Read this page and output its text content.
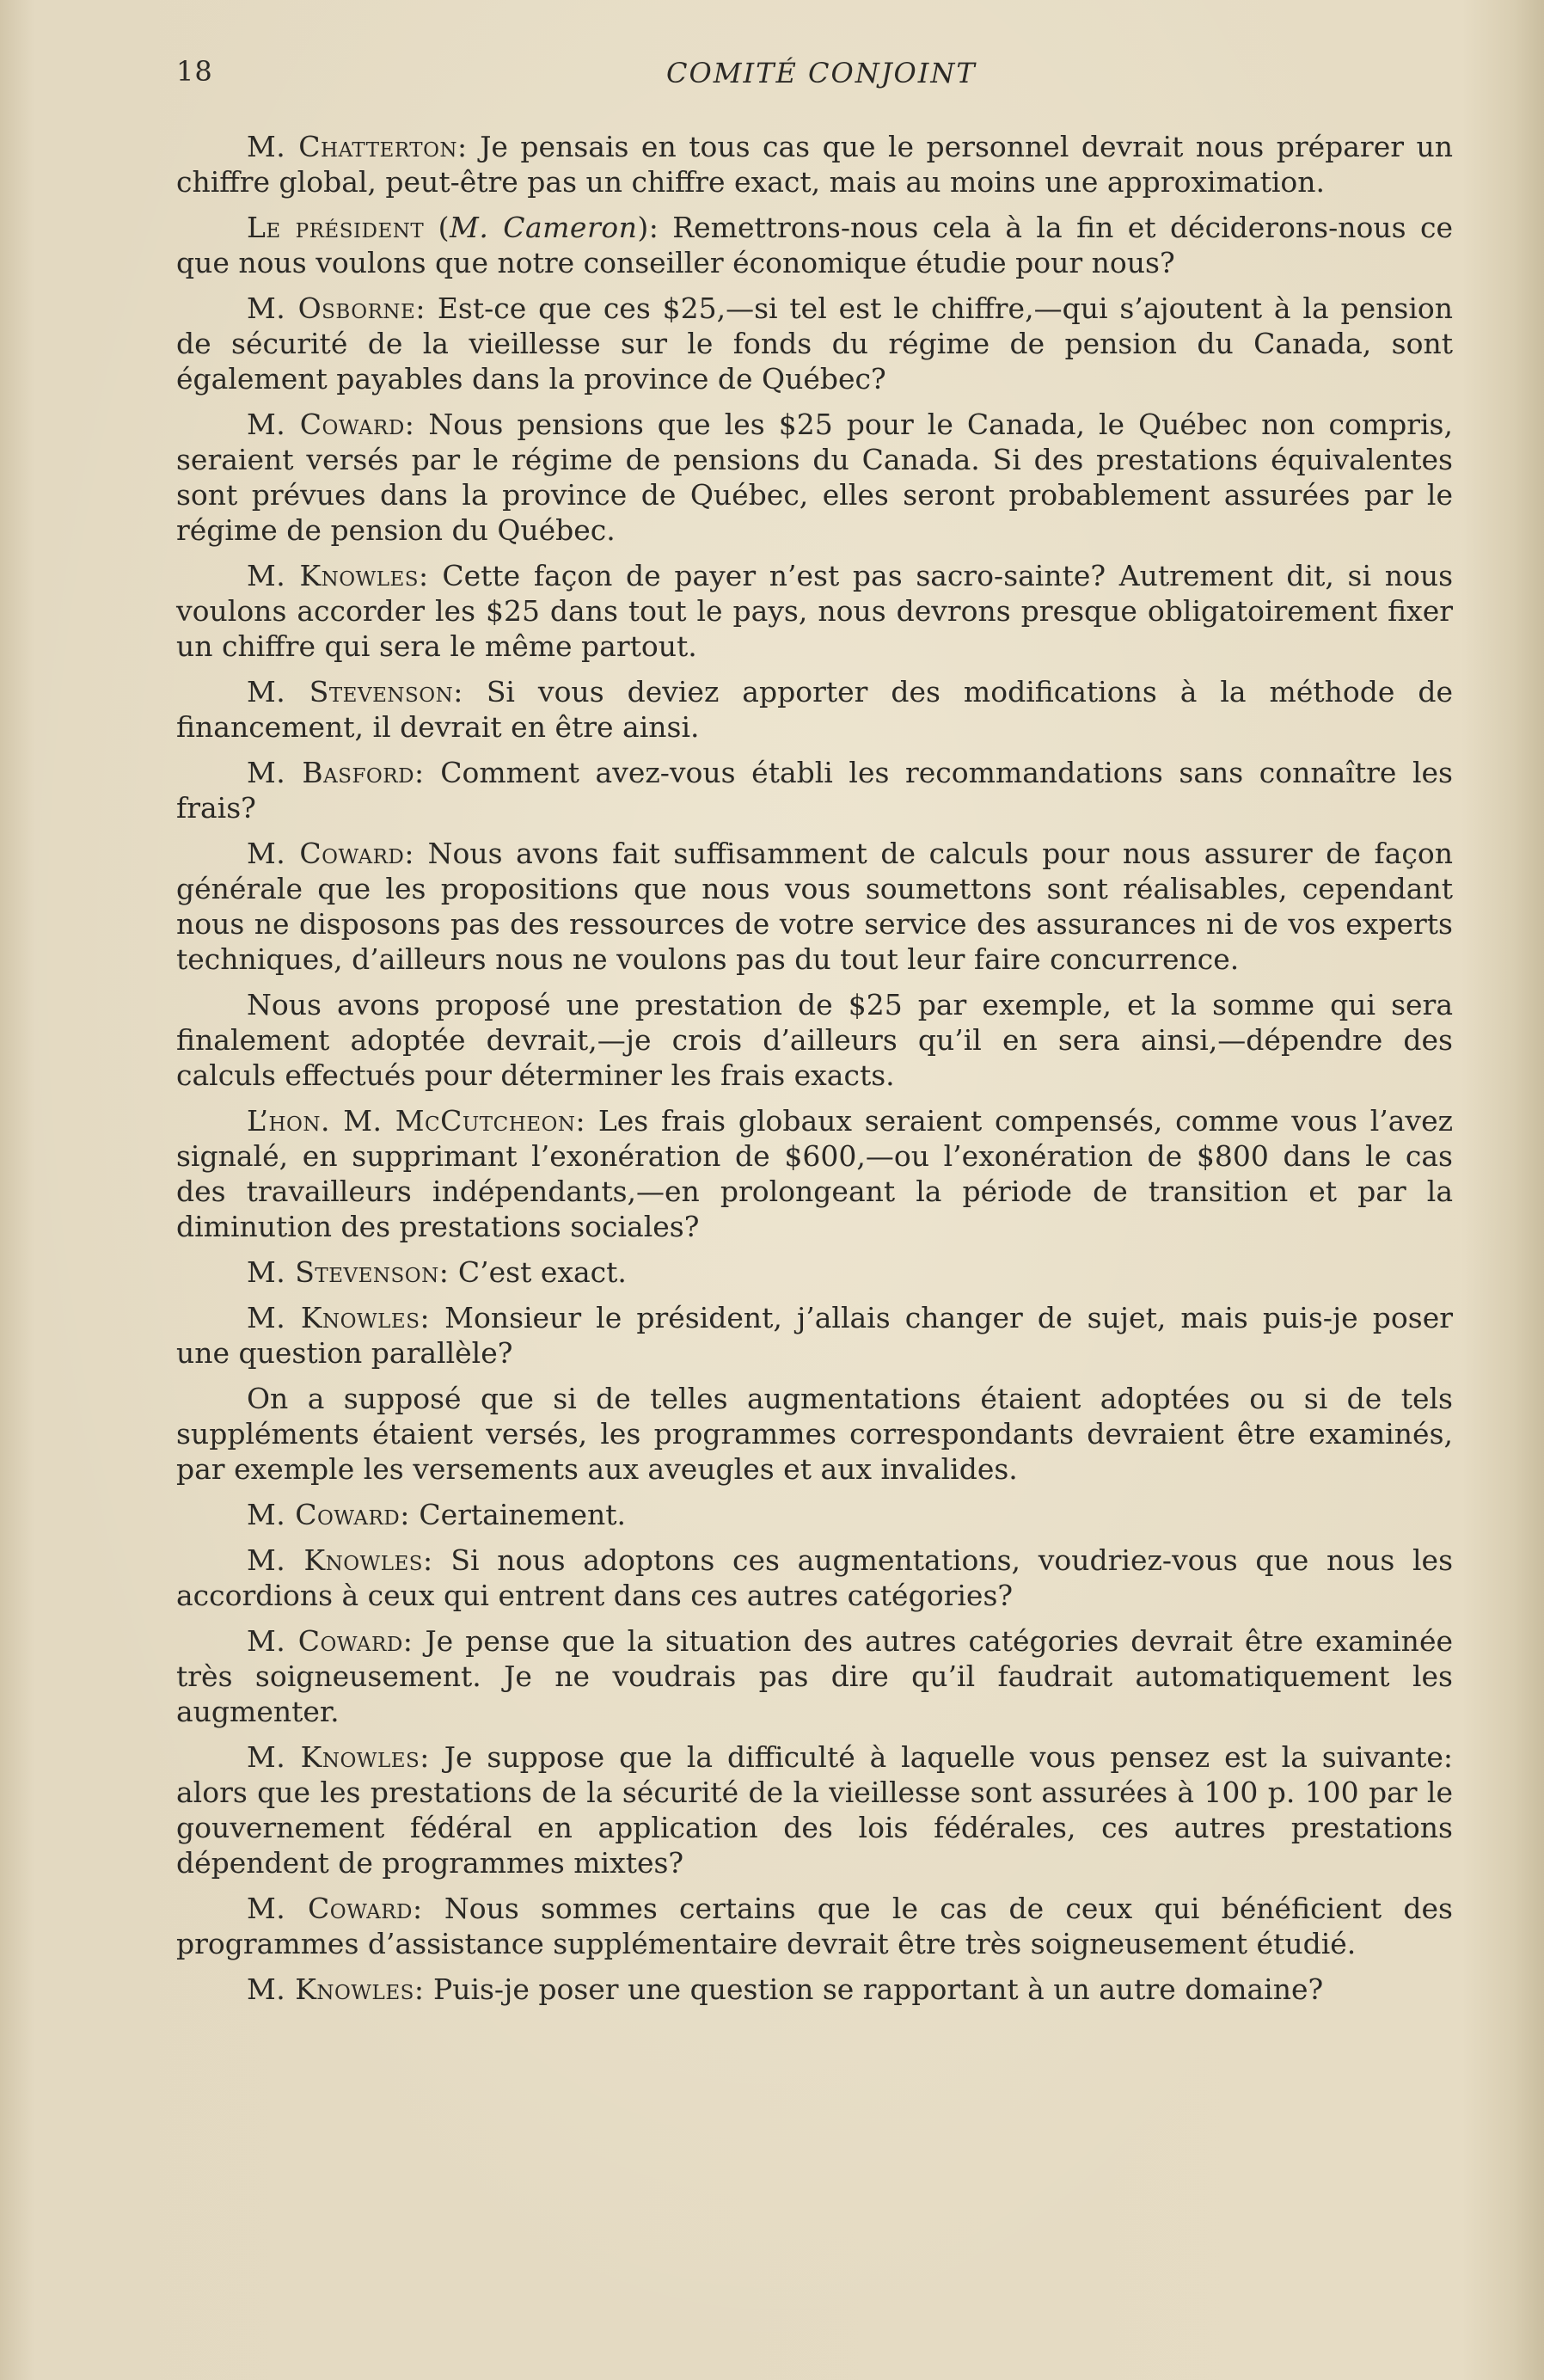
18	COMITÉ CONJOINT

M. Chatterton: Je pensais en tous cas que le personnel devrait nous préparer un chiffre global, peut-être pas un chiffre exact, mais au moins une approximation.

Le président (M. Cameron): Remettrons-nous cela à la fin et déciderons-nous ce que nous voulons que notre conseiller économique étudie pour nous?

M. Osborne: Est-ce que ces $25,—si tel est le chiffre,—qui s’ajoutent à la pension de sécurité de la vieillesse sur le fonds du régime de pension du Canada, sont également payables dans la province de Québec?

M. Coward: Nous pensions que les $25 pour le Canada, le Québec non compris, seraient versés par le régime de pensions du Canada. Si des prestations équivalentes sont prévues dans la province de Québec, elles seront probablement assurées par le régime de pension du Québec.

M. Knowles: Cette façon de payer n’est pas sacro-sainte? Autrement dit, si nous voulons accorder les $25 dans tout le pays, nous devrons presque obligatoirement fixer un chiffre qui sera le même partout.

M. Stevenson: Si vous deviez apporter des modifications à la méthode de financement, il devrait en être ainsi.

M. Basford: Comment avez-vous établi les recommandations sans connaître les frais?

M. Coward: Nous avons fait suffisamment de calculs pour nous assurer de façon générale que les propositions que nous vous soumettons sont réalisables, cependant nous ne disposons pas des ressources de votre service des assurances ni de vos experts techniques, d’ailleurs nous ne voulons pas du tout leur faire concurrence.

Nous avons proposé une prestation de $25 par exemple, et la somme qui sera finalement adoptée devrait,—je crois d’ailleurs qu’il en sera ainsi,—dépendre des calculs effectués pour déterminer les frais exacts.

L’hon. M. McCutcheon: Les frais globaux seraient compensés, comme vous l’avez signalé, en supprimant l’exonération de $600,—ou l’exonération de $800 dans le cas des travailleurs indépendants,—en prolongeant la période de transition et par la diminution des prestations sociales?

M. Stevenson: C’est exact.

M. Knowles: Monsieur le président, j’allais changer de sujet, mais puis-je poser une question parallèle?

On a supposé que si de telles augmentations étaient adoptées ou si de tels suppléments étaient versés, les programmes correspondants devraient être examinés, par exemple les versements aux aveugles et aux invalides.

M. Coward: Certainement.

M. Knowles: Si nous adoptons ces augmentations, voudriez-vous que nous les accordions à ceux qui entrent dans ces autres catégories?

M. Coward: Je pense que la situation des autres catégories devrait être examinée très soigneusement. Je ne voudrais pas dire qu’il faudrait automatiquement les augmenter.

M. Knowles: Je suppose que la difficulté à laquelle vous pensez est la suivante: alors que les prestations de la sécurité de la vieillesse sont assurées à 100 p. 100 par le gouvernement fédéral en application des lois fédérales, ces autres prestations dépendent de programmes mixtes?

M. Coward: Nous sommes certains que le cas de ceux qui bénéficient des programmes d’assistance supplémentaire devrait être très soigneusement étudié.

M. Knowles: Puis-je poser une question se rapportant à un autre domaine?
